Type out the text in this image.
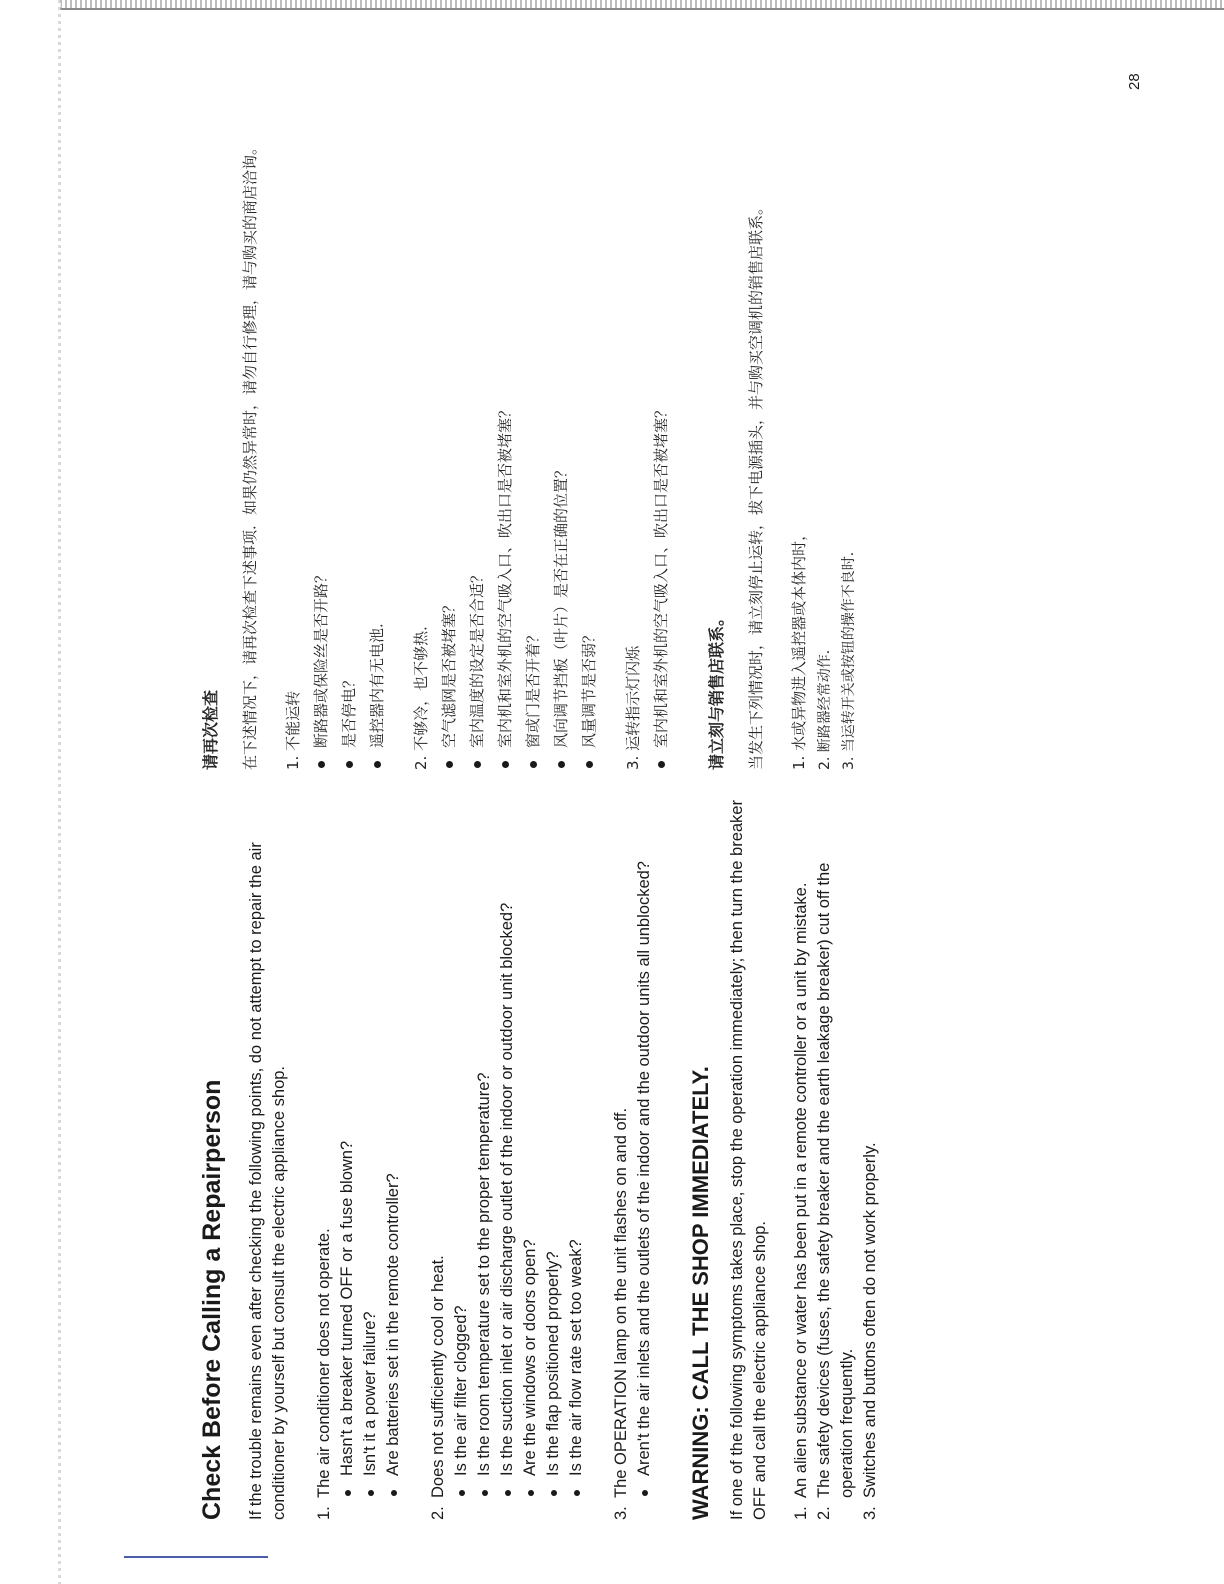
28
Check Before Calling a Repairperson If the trouble remains even after checking the following points, do not attempt to repair the air conditioner by yourself but consult the electric appliance shop. 1.
The air conditioner does not operate. Hasn't a breaker turned OFF or a fuse blown? Isn't it a power failure? Are batteries set in the remote controller?
2.
Does not sufficiently cool or heat. Is the air filter clogged? Is the room temperature set to the proper temperature? Is the suction inlet or air discharge outlet of the indoor or outdoor unit blocked? Are the windows or doors open? Is the flap positioned properly? Is the air flow rate set too weak?
3.
The OPERATION lamp on the unit flashes on and off. Aren't the air inlets and the outlets of the indoor and the outdoor units all unblocked? WARNING: CALL THE SHOP IMMEDIATELY. If one of the following symptoms takes place, stop the operation immediately; then turn the breaker OFF and call the electric appliance shop. 1.
An alien substance or water has been put in a remote controller or a unit by mistake.
2.
The safety devices (fuses, the safety breaker and the earth leakage breaker) cut off the operation frequently.
3.
Switches and buttons often do not work properly.
请再次检查 在下述情况下，请再次检查下述事项．如果仍然异常时，请勿自行修理，请与购买的商店洽询。	1. 不能运转 断路器或保险丝是否开路？ 是否停电？ 遥控器内有无电池．	2. 不够冷，也不够热． 空气滤网是否被堵塞？ 室内温度的设定是否合适？ 室内机和室外机的空气吸入口、吹出口是否被堵塞？ 窗或门是否开着？ 风向调节挡板（叶片）是否在正确的位置？ 风量调节是否弱？	3. 运转指示灯闪烁 室内机和室外机的空气吸入口、吹出口是否被堵塞？	请立刻与销售店联系。 当发生下列情况时，请立刻停止运转，拔下电源插头，并与购买空调机的销售店联系。	1. 水或异物进入遥控器或本体内时， 2. 断路器经常动作． 3. 当运转开关或按钮的操作不良时．
